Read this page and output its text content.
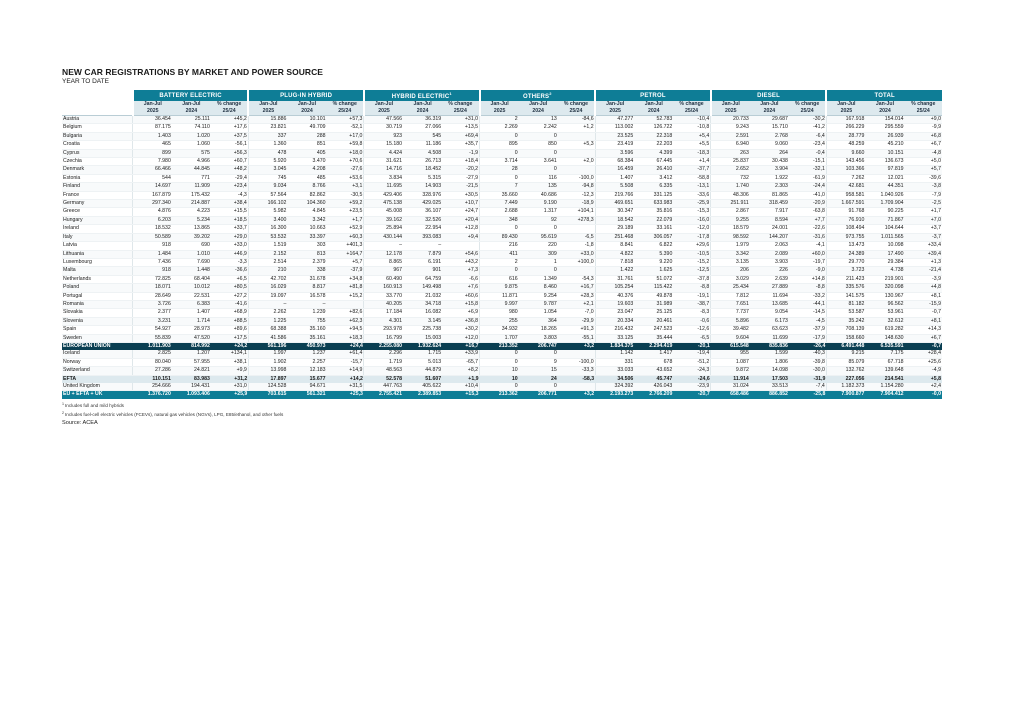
NEW CAR REGISTRATIONS BY MARKET AND POWER SOURCE
YEAR TO DATE
	BATTERY ELECTRIC			PLUG-IN HYBRID			HYBRID ELECTRIC$^1$			OTHERS$^2$			PETROL			DIESEL			TOTAL		
	Jan-Jul	Jan-Jul	% change	Jan-Jul	Jan-Jul	% change	Jan-Jul	Jan-Jul	% change	Jan-Jul	Jan-Jul	% change	Jan-Jul	Jan-Jul	% change	Jan-Jul	Jan-Jul	% change	Jan-Jul	Jan-Jul	% change
	2025	2024	25/24	2025	2024	25/24	2025	2024	25/24	2025	2024	25/24	2025	2024	25/24	2025	2024	25/24	2025	2024	25/24
Austria	36.454	25.111	+45,2	15.886	10.101	+57,3	47.566	36.319	+31,0	2	13	-84,6	47.277	52.783	-10,4	20.733	29.687	-30,2	167.918	154.014	+9,0
Belgium	87.175	74.110	+17,6	23.821	49.709	-52,1	30.719	27.066	+13,5	2.269	2.242	+1,2	113.002	126.722	-10,8	9.243	15.710	-41,2	266.229	295.559	-9,9
Bulgaria	1.403	1.020	+37,5	337	288	+17,0	923	545	+69,4	0	0		23.525	22.318	+5,4	2.591	2.768	-6,4	28.779	26.939	+6,8
Croatia	465	1.060	-56,1	1.360	851	+59,8	15.180	11.186	+35,7	895	850	+5,3	23.419	22.203	+5,5	6.940	9.060	-23,4	48.259	45.210	+6,7
Cyprus	899	575	+56,3	478	405	+18,0	4.424	4.508	-1,9	0	0		3.596	4.399	-18,3	263	264	-0,4	9.660	10.151	-4,8
Czechia	7.980	4.966	+60,7	5.920	3.470	+70,6	31.621	26.713	+18,4	3.714	3.641	+2,0	68.384	67.445	+1,4	25.837	30.438	-15,1	143.456	136.673	+5,0
Denmark	66.466	44.845	+48,2	3.045	4.208	-27,6	14.716	18.452	-20,2	28	0		16.459	26.410	-37,7	2.652	3.904	-32,1	103.366	97.819	+5,7
Estonia	544	771	-29,4	745	485	+53,6	3.834	5.315	-27,9	0	116	-100,0	1.407	3.412	-58,8	732	1.922	-61,9	7.262	12.021	-39,6
Finland	14.697	11.909	+23,4	9.034	8.766	+3,1	11.695	14.903	-21,5	7	135	-94,8	5.508	6.335	-13,1	1.740	2.303	-24,4	42.681	44.351	-3,8
France	167.879	175.432	-4,3	57.564	82.862	-30,5	429.406	328.976	+30,5	35.660	40.686	-12,3	219.766	331.125	-33,6	48.306	81.865	-41,0	958.581	1.040.926	-7,9
Germany	297.340	214.887	+38,4	166.102	104.360	+59,2	475.138	429.025	+10,7	7.449	9.190	-18,9	469.651	633.983	-25,9	251.911	318.459	-20,9	1.667.591	1.709.904	-2,5
Greece	4.876	4.223	+15,5	5.982	4.845	+23,5	45.008	36.107	+24,7	2.688	1.317	+104,1	30.347	35.816	-15,3	2.867	7.917	-63,8	91.768	90.225	+1,7
Hungary	6.203	5.234	+18,5	3.400	3.342	+1,7	39.162	32.526	+20,4	348	92	+278,3	18.542	22.079	-16,0	9.255	8.594	+7,7	76.910	71.867	+7,0
Ireland	18.532	13.865	+33,7	16.300	10.663	+52,9	25.894	22.954	+12,8	0	0		29.189	33.161	-12,0	18.579	24.001	-22,6	108.494	104.644	+3,7
Italy	50.589	39.202	+29,0	53.532	33.397	+60,3	430.144	393.083	+9,4	89.430	95.619	-6,5	251.468	306.057	-17,8	98.592	144.207	-31,6	973.755	1.011.565	-3,7
Latvia	918	690	+33,0	1.519	303	+401,3	–	–		216	220	-1,8	8.841	6.822	+29,6	1.979	2.063	-4,1	13.473	10.098	+33,4
Lithuania	1.484	1.010	+46,9	2.152	813	+164,7	12.178	7.879	+54,6	411	309	+33,0	4.822	5.390	-10,5	3.342	2.089	+60,0	24.389	17.490	+39,4
Luxembourg	7.436	7.690	-3,3	2.514	2.379	+5,7	8.865	6.191	+43,2	2	1	+100,0	7.818	9.220	-15,2	3.135	3.903	-19,7	29.770	29.384	+1,3
Malta	918	1.448	-36,6	210	338	-37,9	967	901	+7,3	0	0		1.422	1.625	-12,5	206	226	-9,0	3.723	4.738	-21,4
Netherlands	72.825	68.404	+6,5	42.702	31.678	+34,8	60.490	64.759	-6,6	616	1.349	-54,3	31.761	51.072	-37,8	3.029	2.639	+14,8	211.423	219.901	-3,9
Poland	18.071	10.012	+80,5	16.029	8.817	+81,8	160.913	149.498	+7,6	9.875	8.460	+16,7	105.254	115.422	-8,8	25.434	27.889	-8,8	335.576	320.098	+4,8
Portugal	28.649	22.531	+27,2	19.097	16.578	+15,2	33.770	21.032	+60,6	11.871	9.254	+28,3	40.376	49.878	-19,1	7.812	11.694	-33,2	141.575	130.967	+8,1
Romania	3.726	6.383	-41,6	–	–		40.205	34.718	+15,8	9.997	9.787	+2,1	19.603	31.989	-38,7	7.651	13.685	-44,1	81.182	96.562	-15,9
Slovakia	2.377	1.407	+68,9	2.262	1.239	+82,6	17.184	16.082	+6,9	980	1.054	-7,0	23.047	25.125	-8,3	7.737	9.054	-14,5	53.587	53.961	-0,7
Slovenia	3.231	1.714	+88,5	1.225	755	+62,3	4.301	3.145	+36,8	255	364	-29,9	20.334	20.461	-0,6	5.896	6.173	-4,5	35.242	32.612	+8,1
Spain	54.927	28.973	+89,6	68.388	35.160	+94,5	293.978	225.738	+30,2	34.932	18.265	+91,3	216.432	247.523	-12,6	39.482	63.623	-37,9	708.139	619.282	+14,3
Sweden	55.839	47.520	+17,5	41.586	35.161	+18,3	16.799	15.003	+12,0	1.707	3.803	-55,1	33.125	35.444	-6,5	9.604	11.699	-17,9	158.660	148.630	+6,7
EUROPEAN UNION	1.011.903	814.992	+24,2	561.196	450.973	+24,4	2.255.080	1.932.624	+16,7	213.352	206.747	+3,2	1.834.375	2.294.419	-20,1	615.548	835.836	-26,4	6.491.448	6.535.591	-0,7
Iceland	2.825	1.207	+134,1	1.997	1.237	+61,4	2.296	1.715	+33,9	0	0		1.142	1.417	-19,4	955	1.599	-40,3	9.215	7.175	+28,4
Norway	80.040	57.955	+38,1	1.902	2.257	-15,7	1.719	5.013	-65,7	0	9	-100,0	331	678	-51,2	1.087	1.806	-39,8	85.079	67.718	+25,6
Switzerland	27.286	24.821	+9,9	13.998	12.183	+14,9	48.563	44.879	+8,2	10	15	-33,3	33.033	43.652	-24,3	9.872	14.098	-30,0	132.762	139.648	-4,9
EFTA	110.151	83.983	+31,2	17.897	15.677	+14,2	52.578	51.607	+1,9	10	24	-58,3	34.506	45.747	-24,6	11.914	17.503	-31,9	227.056	214.541	+5,8
United Kingdom	254.666	194.431	+31,0	124.528	94.671	+31,5	447.763	405.622	+10,4	0	0		324.392	426.043	-23,9	31.024	33.513	-7,4	1.182.373	1.154.280	+2,4
EU + EFTA + UK	1.376.720	1.093.406	+25,9	703.615	561.321	+25,3	2.755.421	2.389.853	+15,3	213.362	206.771	+3,2	2.193.273	2.766.209	-20,7	658.486	886.852	-25,8	7.900.877	7.904.412	-0,0
$^1$Includes full and mild hybrids
$^2$Includes fuel-cell electric vehicles (FCEVs), natural gas vehicles (NGVs), LPG, E85/ethanol, and other fuels
Source: ACEA
